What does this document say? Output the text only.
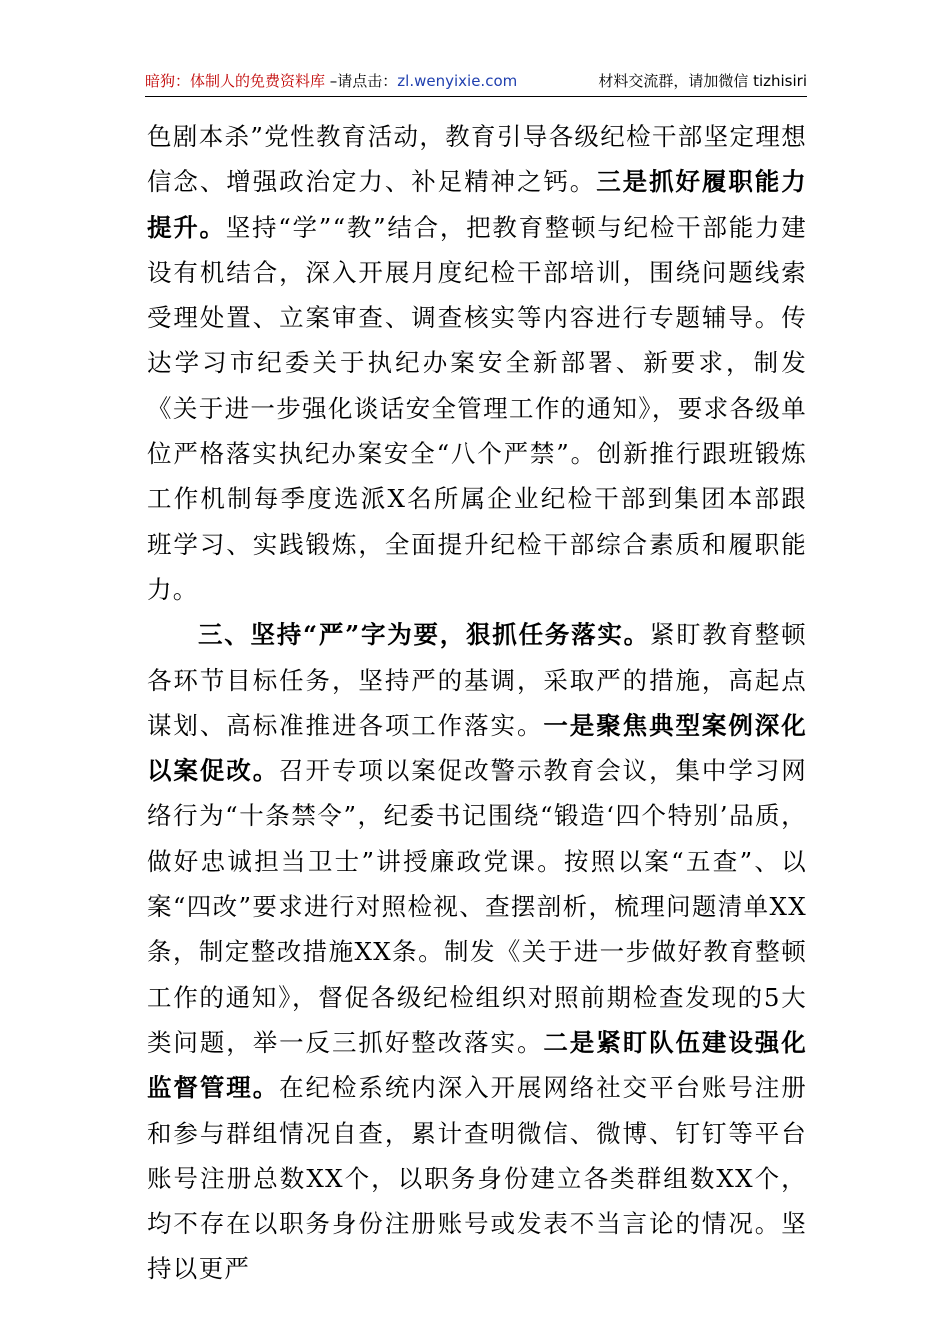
暗狗：体制人的免费资料库 –请点击：zl.wenyixie.com	材料交流群，请加微信 tizhisiri

色剧本杀”党性教育活动，教育引导各级纪检干部坚定理想信念、增强政治定力、补足精神之钙。三是抓好履职能力提升。坚持“学”“教”结合，把教育整顿与纪检干部能力建设有机结合，深入开展月度纪检干部培训，围绕问题线索受理处置、立案审查、调查核实等内容进行专题辅导。传达学习市纪委关于执纪办案安全新部署、新要求，制发《关于进一步强化谈话安全管理工作的通知》，要求各级单位严格落实执纪办案安全“八个严禁”。创新推行跟班锻炼工作机制每季度选派X名所属企业纪检干部到集团本部跟班学习、实践锻炼，全面提升纪检干部综合素质和履职能力。

三、坚持“严”字为要，狠抓任务落实。紧盯教育整顿各环节目标任务，坚持严的基调，采取严的措施，高起点谋划、高标准推进各项工作落实。一是聚焦典型案例深化以案促改。召开专项以案促改警示教育会议，集中学习网络行为“十条禁令”，纪委书记围绕“锻造‘四个特别’品质，做好忠诚担当卫士”讲授廉政党课。按照以案“五查”、以案“四改”要求进行对照检视、查摆剖析，梳理问题清单XX条，制定整改措施XX条。制发《关于进一步做好教育整顿工作的通知》，督促各级纪检组织对照前期检查发现的5大类问题，举一反三抓好整改落实。二是紧盯队伍建设强化监督管理。在纪检系统内深入开展网络社交平台账号注册和参与群组情况自查，累计查明微信、微博、钉钉等平台账号注册总数XX个，以职务身份建立各类群组数XX个，均不存在以职务身份注册账号或发表不当言论的情况。坚持以更严
